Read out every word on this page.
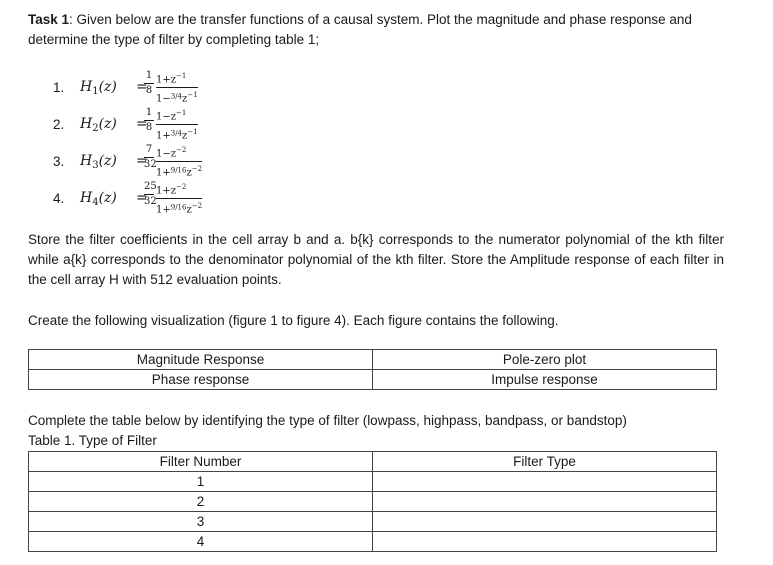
Task 1: Given below are the transfer functions of a causal system. Plot the magnitude and phase response and determine the type of filter by completing table 1;

1. $H_1(z)$ =
1
8
$1+z^{-1}$
$1-^{3/4}z^{-1}$
2. $H_2(z)$ =
1
8
$1-z^{-1}$
$1+^{3/4}z^{-1}$
3. $H_3(z)$ =
7
32
$1-z^{-2}$
$1+^{9/16}z^{-2}$
4. $H_4(z)$ =
25
32
$1+z^{-2}$
$1+^{9/16}z^{-2}$

Store the filter coefficients in the cell array b and a. b{k} corresponds to the numerator polynomial of the kth filter while a{k} corresponds to the denominator polynomial of the kth filter. Store the Amplitude response of each filter in the cell array H with 512 evaluation points.

Create the following visualization (figure 1 to figure 4). Each figure contains the following.

Magnitude Response	Pole-zero plot
Phase response	Impulse response

Complete the table below by identifying the type of filter (lowpass, highpass, bandpass, or bandstop)

Table 1. Type of Filter
Filter Number	Filter Type
1	
2	
3	
4	
